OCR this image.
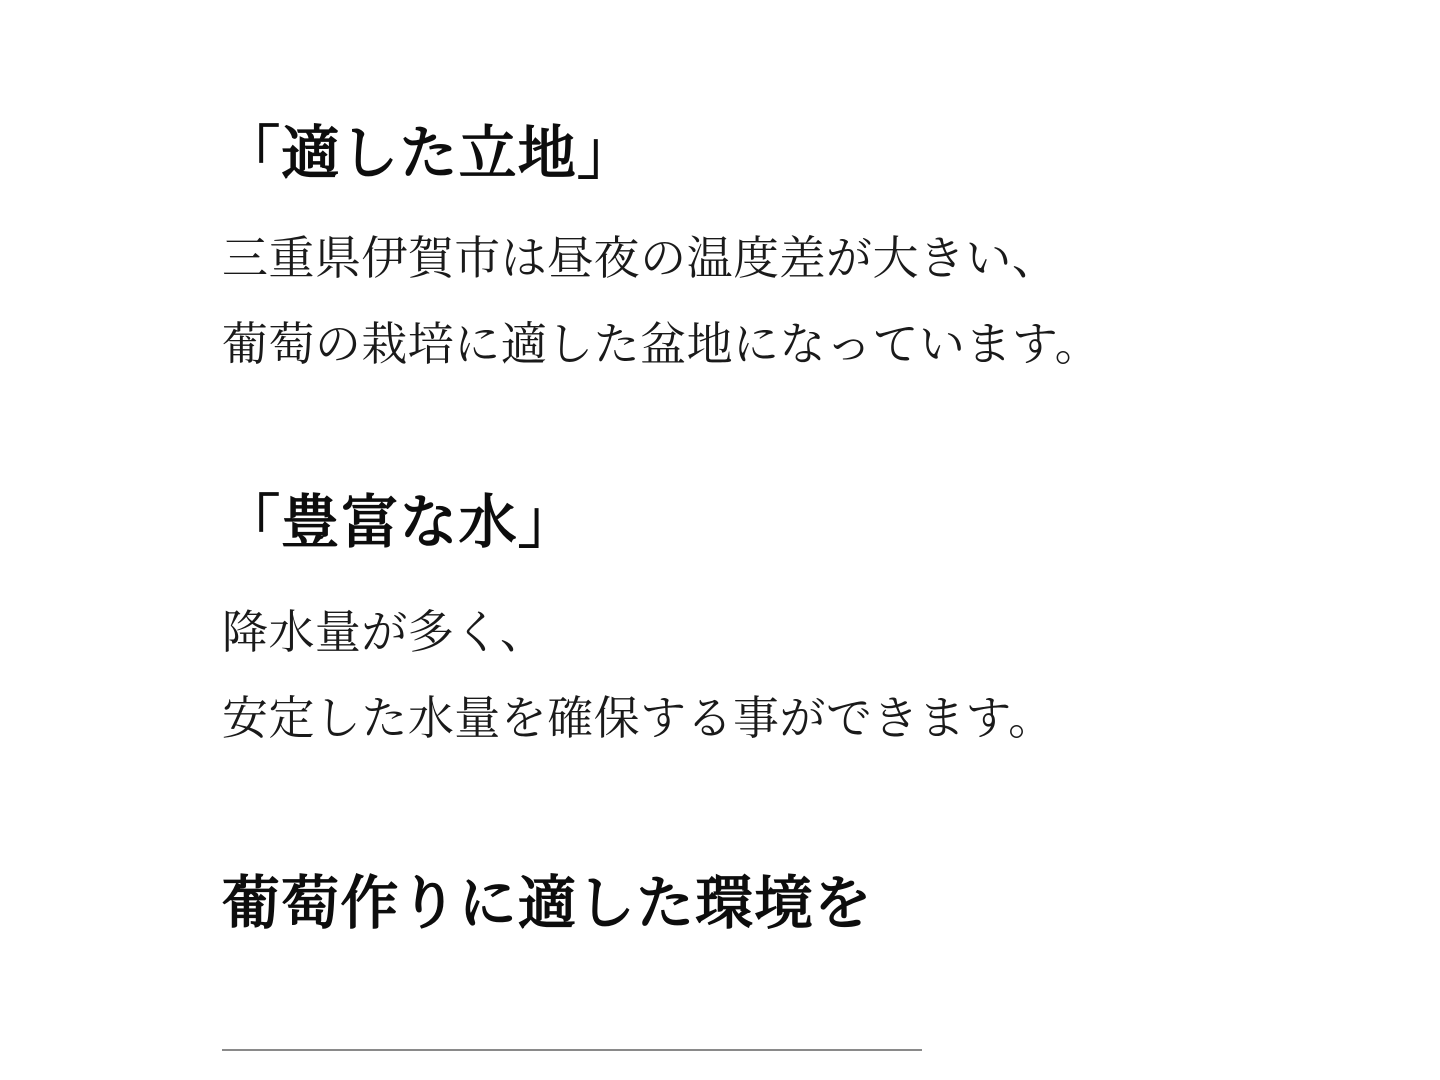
「適した立地」

三重県伊賀市は昼夜の温度差が大きい、

葡萄の栽培に適した盆地になっています。

「豊富な水」

降水量が多く、

安定した水量を確保する事ができます。

葡萄作りに適した環境を
